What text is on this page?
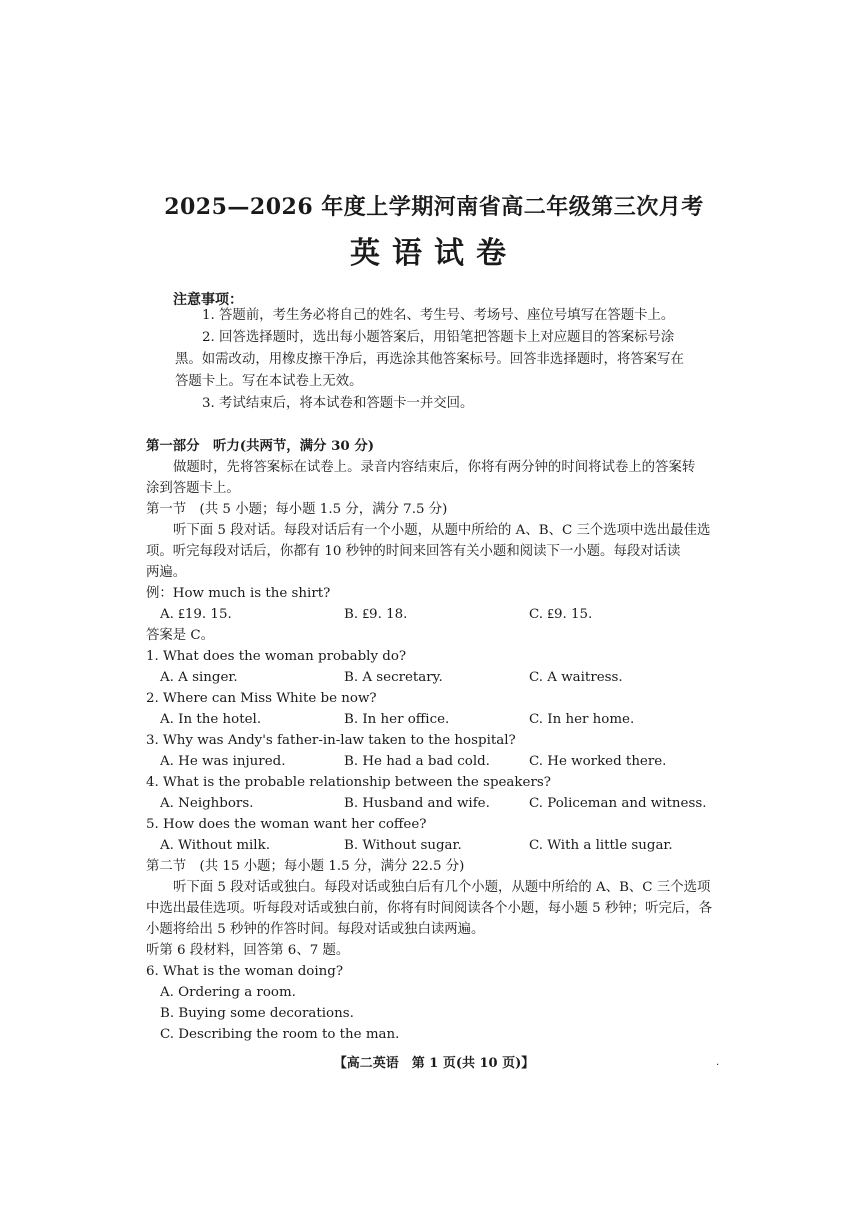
2025—2026 年度上学期河南省高二年级第三次月考
英语试卷
注意事项：
1. 答题前，考生务必将自己的姓名、考生号、考场号、座位号填写在答题卡上。
2. 回答选择题时，选出每小题答案后，用铅笔把答题卡上对应题目的答案标号涂
黑。如需改动，用橡皮擦干净后，再选涂其他答案标号。回答非选择题时，将答案写在
答题卡上。写在本试卷上无效。
3. 考试结束后，将本试卷和答题卡一并交回。
第一部分　听力(共两节，满分 30 分)
做题时，先将答案标在试卷上。录音内容结束后，你将有两分钟的时间将试卷上的答案转
涂到答题卡上。
第一节　(共 5 小题；每小题 1.5 分，满分 7.5 分)
听下面 5 段对话。每段对话后有一个小题，从题中所给的 A、B、C 三个选项中选出最佳选
项。听完每段对话后，你都有 10 秒钟的时间来回答有关小题和阅读下一小题。每段对话读
两遍。
例：How much is the shirt?
A. ₤19. 15.	B. ₤9. 18.	C. ₤9. 15.
答案是 C。
1. What does the woman probably do?
A. A singer.	B. A secretary.	C. A waitress.
2. Where can Miss White be now?
A. In the hotel.	B. In her office.	C. In her home.
3. Why was Andy's father-in-law taken to the hospital?
A. He was injured.	B. He had a bad cold.	C. He worked there.
4. What is the probable relationship between the speakers?
A. Neighbors.	B. Husband and wife.	C. Policeman and witness.
5. How does the woman want her coffee?
A. Without milk.	B. Without sugar.	C. With a little sugar.
第二节　(共 15 小题；每小题 1.5 分，满分 22.5 分)
听下面 5 段对话或独白。每段对话或独白后有几个小题，从题中所给的 A、B、C 三个选项
中选出最佳选项。听每段对话或独白前，你将有时间阅读各个小题，每小题 5 秒钟；听完后，各
小题将给出 5 秒钟的作答时间。每段对话或独白读两遍。
听第 6 段材料，回答第 6、7 题。
6. What is the woman doing?
A. Ordering a room.
B. Buying some decorations.
C. Describing the room to the man.
【高二英语　第 1 页(共 10 页)】	·
